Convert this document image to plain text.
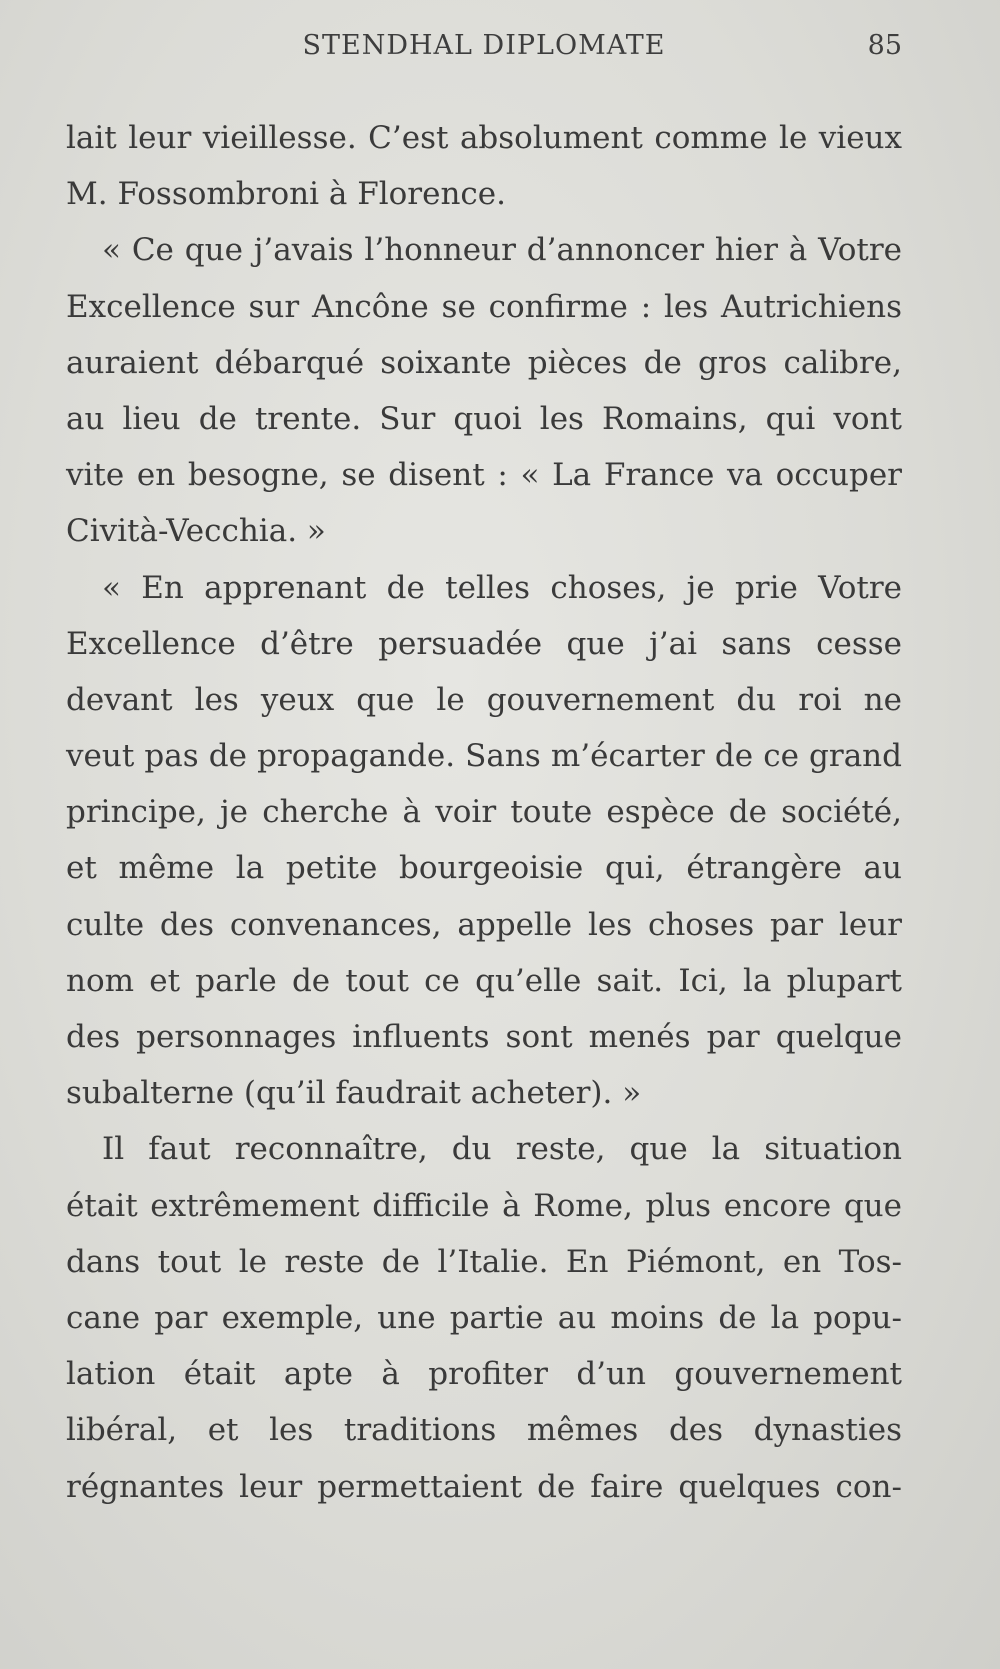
STENDHAL DIPLOMATE	85
lait leur vieillesse. C’est absolument comme le vieux
M. Fossombroni à Florence.
« Ce que j’avais l’honneur d’annoncer hier à Votre
Excellence sur Ancône se confirme : les Autrichiens
auraient débarqué soixante pièces de gros calibre,
au lieu de trente. Sur quoi les Romains, qui vont
vite en besogne, se disent : « La France va occuper
Cività-Vecchia. »
« En apprenant de telles choses, je prie Votre
Excellence d’être persuadée que j’ai sans cesse
devant les yeux que le gouvernement du roi ne
veut pas de propagande. Sans m’écarter de ce grand
principe, je cherche à voir toute espèce de société,
et même la petite bourgeoisie qui, étrangère au
culte des convenances, appelle les choses par leur
nom et parle de tout ce qu’elle sait. Ici, la plupart
des personnages influents sont menés par quelque
subalterne (qu’il faudrait acheter). »
Il faut reconnaître, du reste, que la situation
était extrêmement difficile à Rome, plus encore que
dans tout le reste de l’Italie. En Piémont, en Tos-
cane par exemple, une partie au moins de la popu-
lation était apte à profiter d’un gouvernement
libéral, et les traditions mêmes des dynasties
régnantes leur permettaient de faire quelques con-
